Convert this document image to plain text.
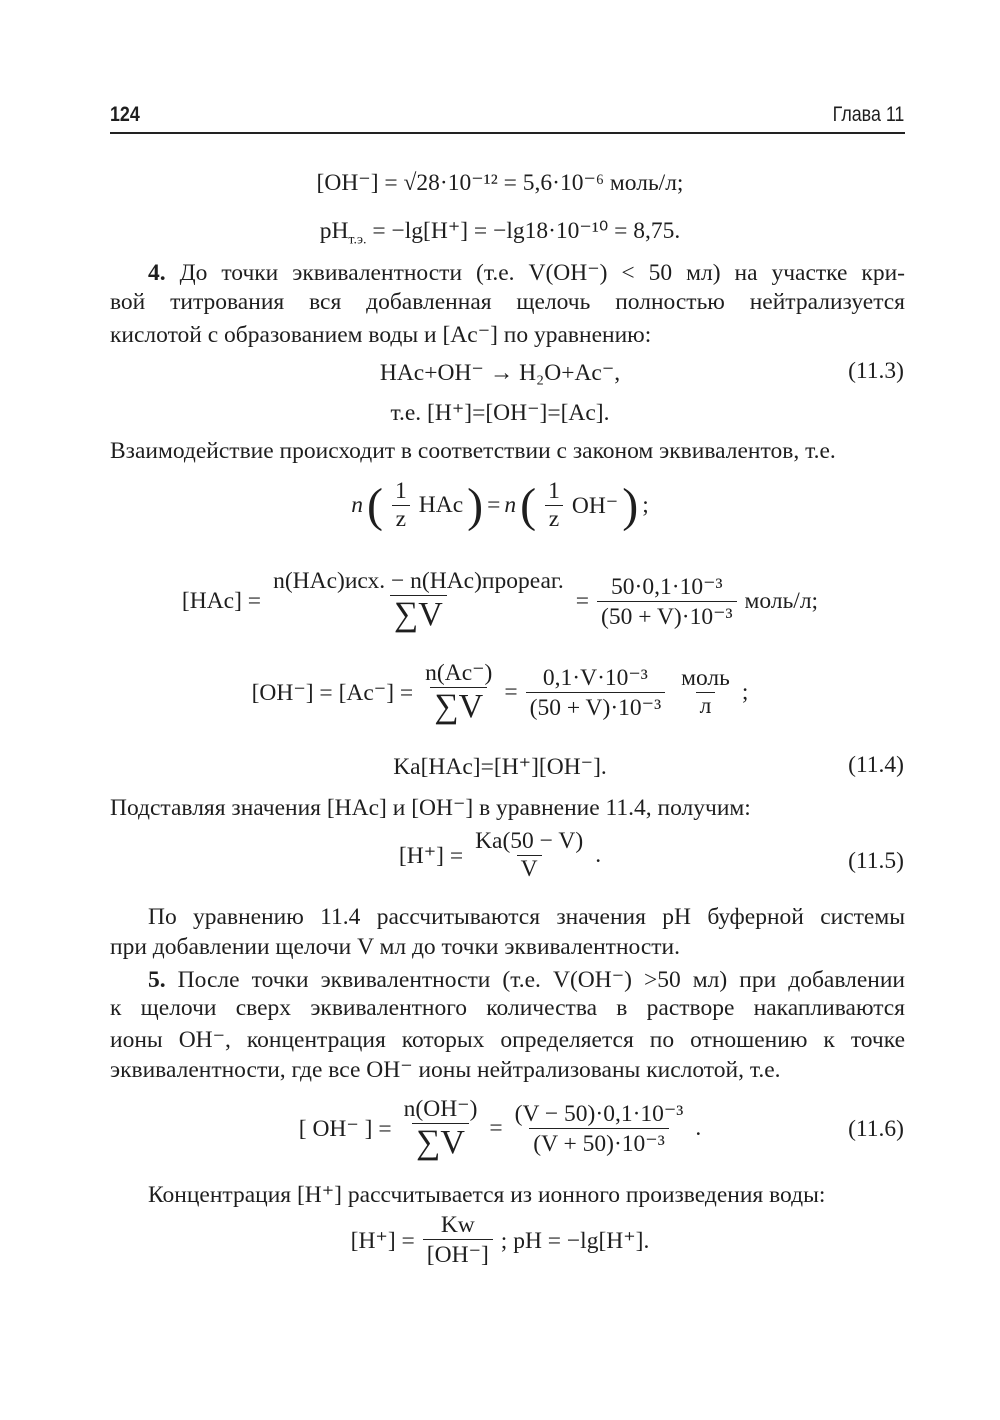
124	Глава 11
[OH⁻] = √28·10⁻¹² = 5,6·10⁻⁶ моль/л;
$pH_{т.э.} = -\lg[H^+] = -\lg 18\cdot 10^{-10} = 8,75$.
4. До точки эквивалентности (т.е. V(OH⁻) < 50 мл) на участке кри-
вой титрования вся добавленная щелочь полностью нейтрализуется
кислотой с образованием воды и [Ac⁻] по уравнению:
HAc+OH⁻ → H₂O+Ac⁻,	(11.3)
т.е. [H⁺]=[OH⁻]=[Ac].
Взаимодействие происходит в соответствии с законом эквивалентов, т.е.
n ( $\frac{1}{z}$ HAc ) = n ( $\frac{1}{z} OH^-$ ) ;
$[HAc] = \frac{\text{n(HAc)исх. − n(HAc)прореаг.}}{\sum V} = \frac{\text{50·0,1·10⁻³}}{\text{(50 + V)·10⁻³}}$ моль/л;
$[OH^-] = [Ac^-] = \frac{n(Ac^-)}{\sum V} = \frac{\text{0,1·V·10⁻³}}{\text{(50 + V)·10⁻³}} \frac{\text{моль}}{л}$ ;
Ka[HAc]=[H⁺][OH⁻].	(11.4)
Подставляя значения [HAc] и [OH⁻] в уравнение 11.4, получим:
$[H^+] = \frac{Ka(50 - V)}{V}$ .	(11.5)
По уравнению 11.4 рассчитываются значения pH буферной системы
при добавлении щелочи V мл до точки эквивалентности.
5. После точки эквивалентности (т.е. V(OH⁻) >50 мл) при добавлении
к щелочи сверх эквивалентного количества в растворе накапливаются
ионы OH⁻, концентрация которых определяется по отношению к точке
эквивалентности, где все OH⁻ ионы нейтрализованы кислотой, т.е.
[ OH⁻ ] = $\frac{n(OH^-)}{\sum V} = \frac{\text{(V − 50)·0,1·10⁻³}}{\text{(V + 50)·10⁻³}}$ .	(11.6)
Концентрация [H⁺] рассчитывается из ионного произведения воды:
$[H^+] = \frac{Kw}{[OH^-]}$ ; pH = −lg[H⁺].
